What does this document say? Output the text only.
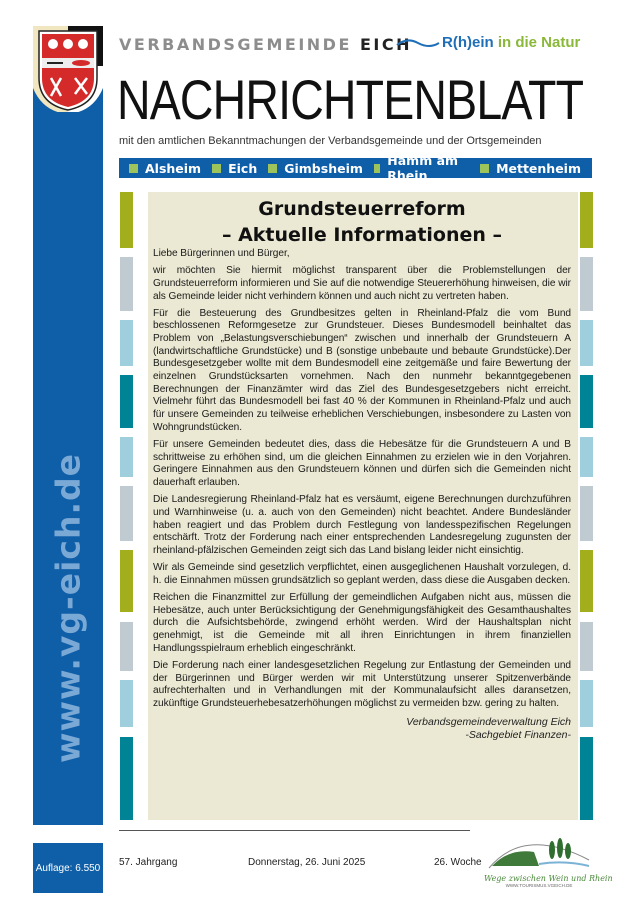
www.vg-eich.de
Auflage: 6.550
VERBANDSGEMEINDE EICH R(h)ein in die Natur
NACHRICHTENBLATT
mit den amtlichen Bekanntmachungen der Verbandsgemeinde und der Ortsgemeinden
Alsheim Eich Gimbsheim Hamm am Rhein	Mettenheim
Grundsteuerreform
– Aktuelle Informationen –

Liebe Bürgerinnen und Bürger,

wir möchten Sie hiermit möglichst transparent über die Problemstellungen der Grundsteuerreform informieren und Sie auf die notwendige Steuererhöhung hinweisen, die wir als Gemeinde leider nicht verhindern können und auch nicht zu vertreten haben.

Für die Besteuerung des Grundbesitzes gelten in Rheinland-Pfalz die vom Bund beschlossenen Reformgesetze zur Grundsteuer. Dieses Bundesmodell beinhaltet das Problem von „Belastungsverschiebungen“ zwischen und innerhalb der Grundsteuern A (landwirtschaftliche Grundstücke) und B (sonstige unbebaute und bebaute Grundstücke).Der Bundesgesetzgeber wollte mit dem Bundesmodell eine zeitgemäße und faire Bewertung der einzelnen Grundstücksarten vornehmen. Nach den nunmehr bekanntgegebenen Berechnungen der Finanzämter wird das Ziel des Bundesgesetzgebers nicht erreicht. Vielmehr führt das Bundesmodell bei fast 40 % der Kommunen in Rheinland-Pfalz und auch für unsere Gemeinden zu teilweise erheblichen Verschiebungen, insbesondere zu Lasten von Wohngrundstücken.

Für unsere Gemeinden bedeutet dies, dass die Hebesätze für die Grundsteuern A und B schrittweise zu erhöhen sind, um die gleichen Einnahmen zu erzielen wie in den Vorjahren. Geringere Einnahmen aus den Grundsteuern können und dürfen sich die Gemeinden nicht dauerhaft erlauben.

Die Landesregierung Rheinland-Pfalz hat es versäumt, eigene Berechnungen durchzuführen und Warnhinweise (u. a. auch von den Gemeinden) nicht beachtet. Andere Bundesländer haben reagiert und das Problem durch Festlegung von landesspezifischen Regelungen entschärft. Trotz der Forderung nach einer entsprechenden Landesregelung zugunsten der rheinland-pfälzischen Gemeinden zeigt sich das Land bislang leider nicht einsichtig.

Wir als Gemeinde sind gesetzlich verpflichtet, einen ausgeglichenen Haushalt vorzulegen, d. h. die Einnahmen müssen grundsätzlich so geplant werden, dass diese die Ausgaben decken.

Reichen die Finanzmittel zur Erfüllung der gemeindlichen Aufgaben nicht aus, müssen die Hebesätze, auch unter Berücksichtigung der Genehmigungsfähigkeit des Gesamthaushaltes durch die Aufsichtsbehörde, zwingend erhöht werden. Wird der Haushaltsplan nicht genehmigt, ist die Gemeinde mit all ihren Einrichtungen in ihrem finanziellen Handlungsspielraum erheblich eingeschränkt.

Die Forderung nach einer landesgesetzlichen Regelung zur Entlastung der Gemeinden und der Bürgerinnen und Bürger werden wir mit Unterstützung unserer Spitzenverbände aufrechterhalten und in Verhandlungen mit der Kommunalaufsicht alles daransetzen, zukünftige Grundsteuerhebesatzerhöhungen möglichst zu vermeiden bzw. gering zu halten.

Verbandsgemeindeverwaltung Eich
-Sachgebiet Finanzen-
57. Jahrgang	Donnerstag, 26. Juni 2025	26. Woche
Wege zwischen Wein und Rhein
WWW.TOURISMUS.VGEICH.DE
